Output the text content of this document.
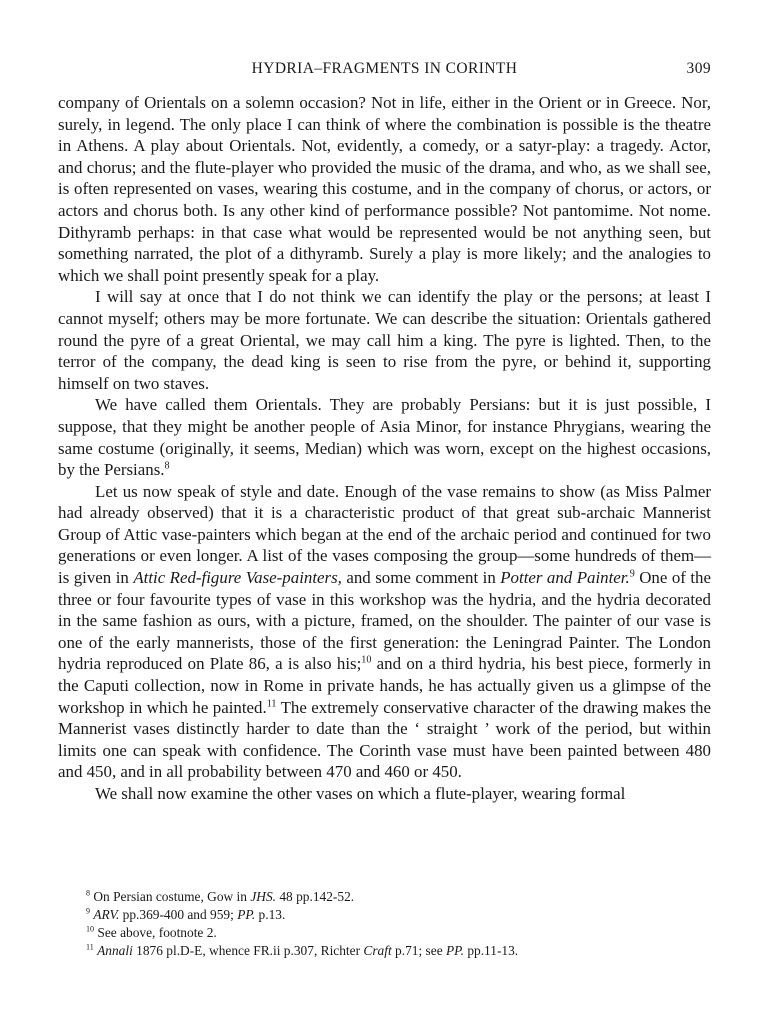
HYDRIA–FRAGMENTS IN CORINTH	309

company of Orientals on a solemn occasion? Not in life, either in the Orient or in Greece. Nor, surely, in legend. The only place I can think of where the combination is possible is the theatre in Athens. A play about Orientals. Not, evidently, a comedy, or a satyr-play: a tragedy. Actor, and chorus; and the flute-player who provided the music of the drama, and who, as we shall see, is often represented on vases, wearing this costume, and in the company of chorus, or actors, or actors and chorus both. Is any other kind of performance possible? Not pantomime. Not nome. Dithyramb perhaps: in that case what would be represented would be not anything seen, but something narrated, the plot of a dithyramb. Surely a play is more likely; and the analogies to which we shall point presently speak for a play.

I will say at once that I do not think we can identify the play or the persons; at least I cannot myself; others may be more fortunate. We can describe the situation: Orientals gathered round the pyre of a great Oriental, we may call him a king. The pyre is lighted. Then, to the terror of the company, the dead king is seen to rise from the pyre, or behind it, supporting himself on two staves.

We have called them Orientals. They are probably Persians: but it is just possible, I suppose, that they might be another people of Asia Minor, for instance Phrygians, wearing the same costume (originally, it seems, Median) which was worn, except on the highest occasions, by the Persians.$^8$

Let us now speak of style and date. Enough of the vase remains to show (as Miss Palmer had already observed) that it is a characteristic product of that great sub-archaic Mannerist Group of Attic vase-painters which began at the end of the archaic period and continued for two generations or even longer. A list of the vases composing the group—some hundreds of them—is given in Attic Red-figure Vase-painters, and some comment in Potter and Painter.$^9$ One of the three or four favourite types of vase in this workshop was the hydria, and the hydria decorated in the same fashion as ours, with a picture, framed, on the shoulder. The painter of our vase is one of the early mannerists, those of the first generation: the Leningrad Painter. The London hydria reproduced on Plate 86, a is also his;$^{10}$ and on a third hydria, his best piece, formerly in the Caputi collection, now in Rome in private hands, he has actually given us a glimpse of the workshop in which he painted.$^{11}$ The extremely conservative character of the drawing makes the Mannerist vases distinctly harder to date than the ‘ straight ’ work of the period, but within limits one can speak with confidence. The Corinth vase must have been painted between 480 and 450, and in all probability between 470 and 460 or 450.

We shall now examine the other vases on which a flute-player, wearing formal

$^8$ On Persian costume, Gow in JHS. 48 pp.142-52.
$^9$ ARV. pp.369-400 and 959; PP. p.13.
$^{10}$ See above, footnote 2.
$^{11}$ Annali 1876 pl.D-E, whence FR.ii p.307, Richter Craft p.71; see PP. pp.11-13.
